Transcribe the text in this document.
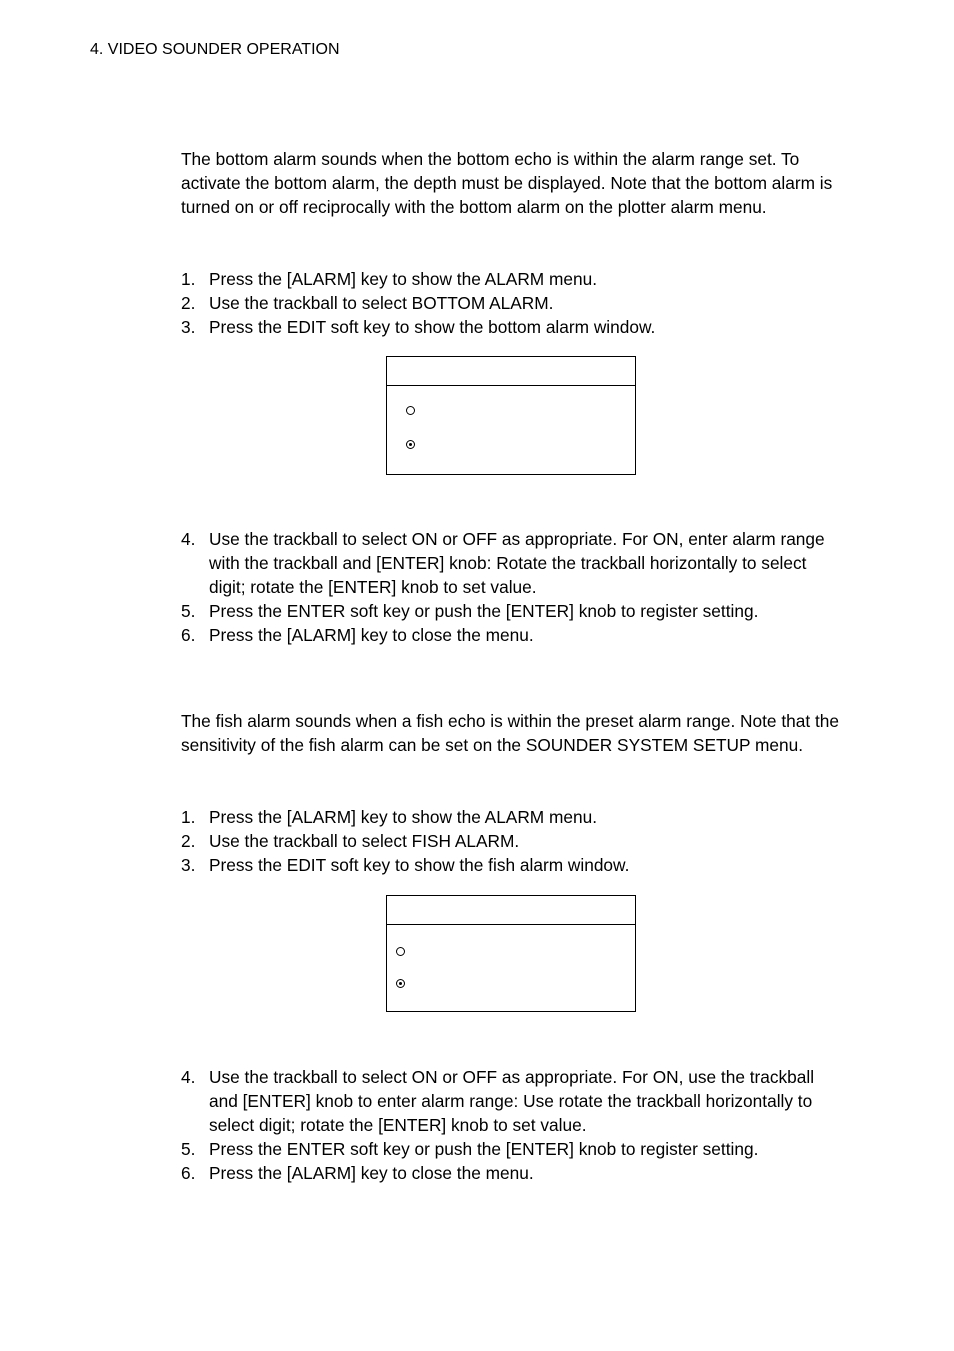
4. VIDEO SOUNDER OPERATION

The bottom alarm sounds when the bottom echo is within the alarm range set. To activate the bottom alarm, the depth must be displayed. Note that the bottom alarm is turned on or off reciprocally with the bottom alarm on the plotter alarm menu.

1. Press the [ALARM] key to show the ALARM menu.
2. Use the trackball to select BOTTOM ALARM.
3. Press the EDIT soft key to show the bottom alarm window.
4. Use the trackball to select ON or OFF as appropriate. For ON, enter alarm range with the trackball and [ENTER] knob: Rotate the trackball horizontally to select digit; rotate the [ENTER] knob to set value.
5. Press the ENTER soft key or push the [ENTER] knob to register setting.
6. Press the [ALARM] key to close the menu.

The fish alarm sounds when a fish echo is within the preset alarm range. Note that the sensitivity of the fish alarm can be set on the SOUNDER SYSTEM SETUP menu.

1. Press the [ALARM] key to show the ALARM menu.
2. Use the trackball to select FISH ALARM.
3. Press the EDIT soft key to show the fish alarm window.
4. Use the trackball to select ON or OFF as appropriate. For ON, use the trackball and [ENTER] knob to enter alarm range: Use rotate the trackball horizontally to select digit; rotate the [ENTER] knob to set value.
5. Press the ENTER soft key or push the [ENTER] knob to register setting.
6. Press the [ALARM] key to close the menu.
